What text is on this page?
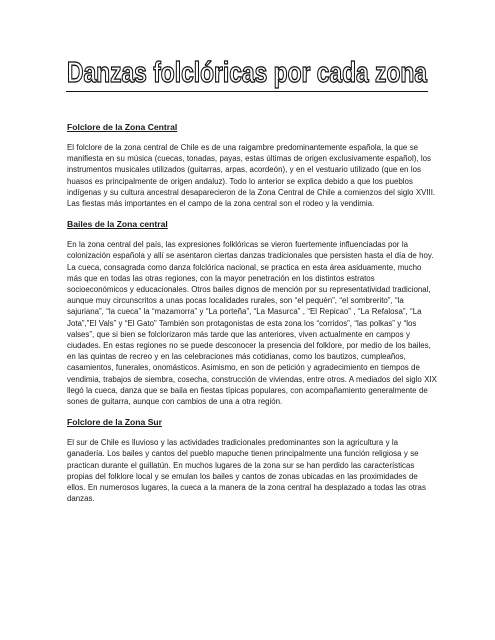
Danzas folclóricas por cada zona
Folclore de la Zona Central

El folclore de la zona central de Chile es de una raigambre predominantemente española, la que se manifiesta en su música (cuecas, tonadas, payas, estas últimas de origen exclusivamente español), los instrumentos musicales utilizados (guitarras, arpas, acordeón), y en el vestuario utilizado (que en los huasos es principalmente de origen andaluz). Todo lo anterior se explica debido a que los pueblos indígenas y su cultura ancestral desaparecieron de la Zona Central de Chile a comienzos del siglo XVIII. Las fiestas más importantes en el campo de la zona central son el rodeo y la vendimia.

Bailes de la Zona central

En la zona central del país, las expresiones folklóricas se vieron fuertemente influenciadas por la colonización española y allí se asentaron ciertas danzas tradicionales que persisten hasta el día de hoy. La cueca, consagrada como danza folclórica nacional, se practica en esta área asiduamente, mucho más que en todas las otras regiones, con la mayor penetración en los distintos estratos socioeconómicos y educacionales. Otros bailes dignos de mención por su representatividad tradicional, aunque muy circunscritos a unas pocas localidades rurales, son “el pequén”, “el sombrerito”, “la sajuriana”, “la cueca” la “mazamorra” y “La porteña”, “La Masurca” , “El Repicao” , “La Refalosa”, “La Jota”,”El Vals” y “El Gato” También son protagonistas de esta zona los “corridos”, “las polkas” y “los valses”, que si bien se folclorizaron más tarde que las anteriores, viven actualmente en campos y ciudades. En estas regiones no se puede desconocer la presencia del folklore, por medio de los bailes, en las quintas de recreo y en las celebraciones más cotidianas, como los bautizos, cumpleaños, casamientos, funerales, onomásticos. Asimismo, en son de petición y agradecimiento en tiempos de vendimia, trabajos de siembra, cosecha, construcción de viviendas, entre otros. A mediados del siglo XIX llegó la cueca, danza que se baila en fiestas típicas populares, con acompañamiento generalmente de sones de guitarra, aunque con cambios de una a otra región.

Folclore de la Zona Sur

El sur de Chile es lluvioso y las actividades tradicionales predominantes son la agricultura y la ganadería. Los bailes y cantos del pueblo mapuche tienen principalmente una función religiosa y se practican durante el guillatún. En muchos lugares de la zona sur se han perdido las características propias del folklore local y se emulan los bailes y cantos de zonas ubicadas en las proximidades de ellos. En numerosos lugares, la cueca a la manera de la zona central ha desplazado a todas las otras danzas.
